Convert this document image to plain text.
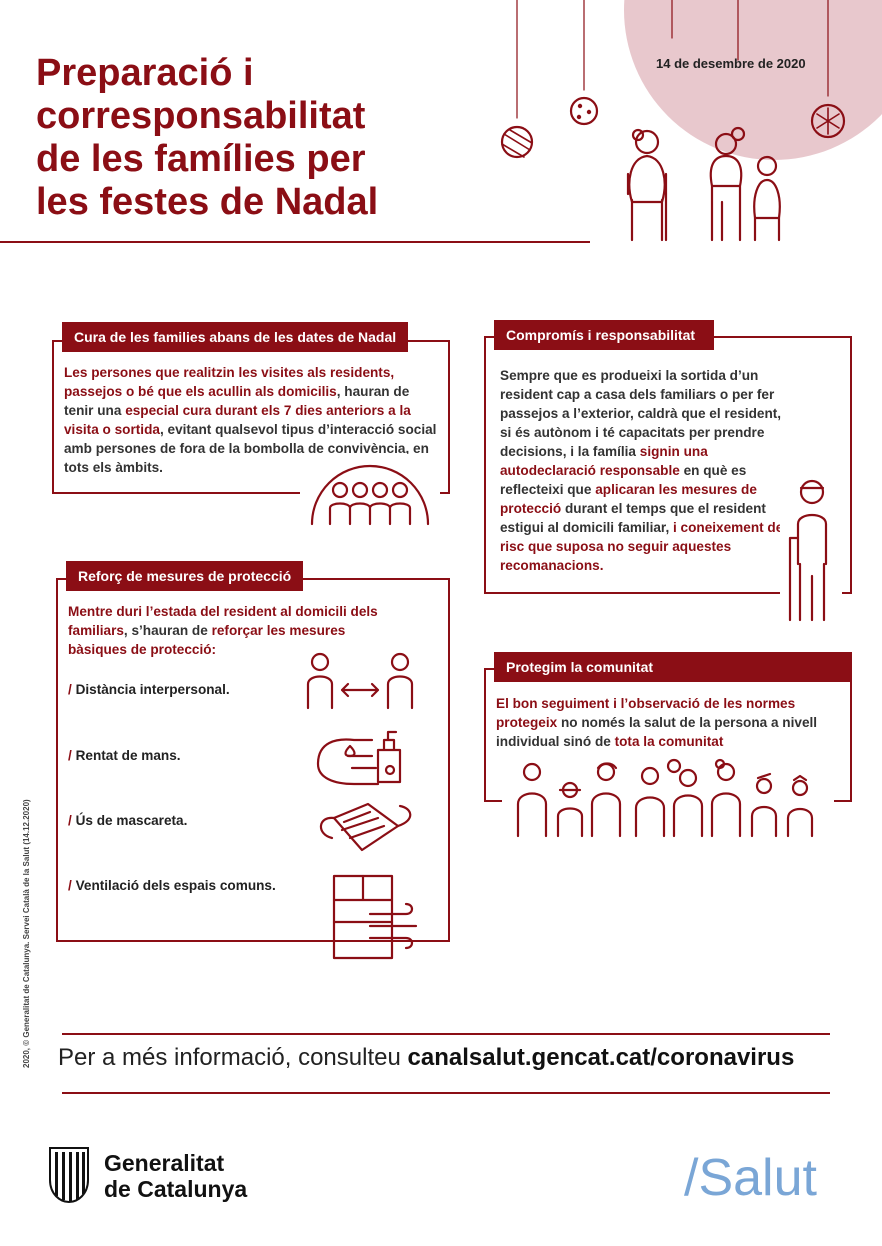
Preparació i
corresponsabilitat
de les famílies per
les festes de Nadal
14 de desembre de 2020
Cura de les families abans de les dates de Nadal
Les persones que realitzin les visites als residents, passejos o bé que els acullin als domicilis, hauran de tenir una especial cura durant els 7 dies anteriors a la visita o sortida, evitant qualsevol tipus d’interacció social amb persones de fora de la bombolla de convivència, en tots els àmbits.
Compromís i responsabilitat
Sempre que es produeixi la sortida d’un resident cap a casa dels familiars o per fer passejos a l’exterior, caldrà que el resident, si és autònom i té capacitats per prendre decisions, i la família signin una autodeclaració responsable en què es reflecteixi que aplicaran les mesures de protecció durant el temps que el resident estigui al domicili familiar, i coneixement del risc que suposa no seguir aquestes recomanacions.
Reforç de mesures de protecció
Mentre duri l’estada del resident al domicili dels familiars, s’hauran de reforçar les mesures bàsiques de protecció:
/ Distància interpersonal.
/ Rentat de mans.
/ Ús de mascareta.
/ Ventilació dels espais comuns.
Protegim la comunitat
El bon seguiment i l’observació de les normes protegeix no només la salut de la persona a nivell individual sinó de tota la comunitat
Per a més informació, consulteu canalsalut.gencat.cat/coronavirus
2020, © Generalitat de Catalunya. Servei Català de la Salut (14.12.2020)
Generalitat
de Catalunya	/Salut
